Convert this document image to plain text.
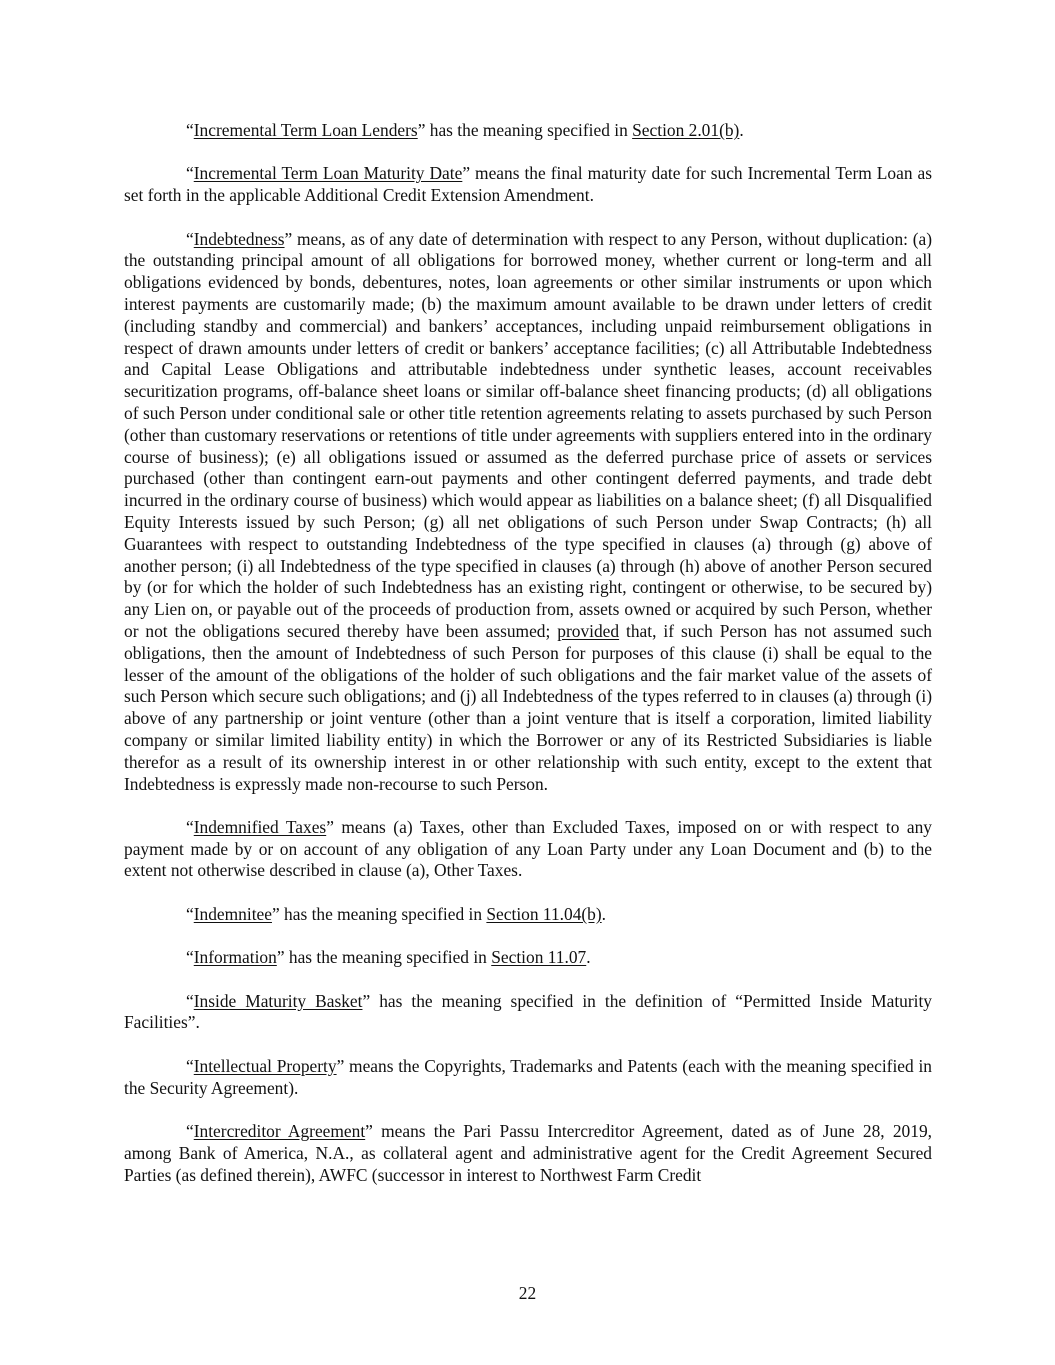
“Incremental Term Loan Lenders” has the meaning specified in Section 2.01(b).

“Incremental Term Loan Maturity Date” means the final maturity date for such Incremental Term Loan as set forth in the applicable Additional Credit Extension Amendment.

“Indebtedness” means, as of any date of determination with respect to any Person, without duplication: (a) the outstanding principal amount of all obligations for borrowed money, whether current or long-term and all obligations evidenced by bonds, debentures, notes, loan agreements or other similar instruments or upon which interest payments are customarily made; (b) the maximum amount available to be drawn under letters of credit (including standby and commercial) and bankers’ acceptances, including unpaid reimbursement obligations in respect of drawn amounts under letters of credit or bankers’ acceptance facilities; (c) all Attributable Indebtedness and Capital Lease Obligations and attributable indebtedness under synthetic leases, account receivables securitization programs, off-balance sheet loans or similar off-balance sheet financing products; (d) all obligations of such Person under conditional sale or other title retention agreements relating to assets purchased by such Person (other than customary reservations or retentions of title under agreements with suppliers entered into in the ordinary course of business); (e) all obligations issued or assumed as the deferred purchase price of assets or services purchased (other than contingent earn-out payments and other contingent deferred payments, and trade debt incurred in the ordinary course of business) which would appear as liabilities on a balance sheet; (f) all Disqualified Equity Interests issued by such Person; (g) all net obligations of such Person under Swap Contracts; (h) all Guarantees with respect to outstanding Indebtedness of the type specified in clauses (a) through (g) above of another person; (i) all Indebtedness of the type specified in clauses (a) through (h) above of another Person secured by (or for which the holder of such Indebtedness has an existing right, contingent or otherwise, to be secured by) any Lien on, or payable out of the proceeds of production from, assets owned or acquired by such Person, whether or not the obligations secured thereby have been assumed; provided that, if such Person has not assumed such obligations, then the amount of Indebtedness of such Person for purposes of this clause (i) shall be equal to the lesser of the amount of the obligations of the holder of such obligations and the fair market value of the assets of such Person which secure such obligations; and (j) all Indebtedness of the types referred to in clauses (a) through (i) above of any partnership or joint venture (other than a joint venture that is itself a corporation, limited liability company or similar limited liability entity) in which the Borrower or any of its Restricted Subsidiaries is liable therefor as a result of its ownership interest in or other relationship with such entity, except to the extent that Indebtedness is expressly made non-recourse to such Person.

“Indemnified Taxes” means (a) Taxes, other than Excluded Taxes, imposed on or with respect to any payment made by or on account of any obligation of any Loan Party under any Loan Document and (b) to the extent not otherwise described in clause (a), Other Taxes.

“Indemnitee” has the meaning specified in Section 11.04(b).

“Information” has the meaning specified in Section 11.07.

“Inside Maturity Basket” has the meaning specified in the definition of “Permitted Inside Maturity Facilities”.

“Intellectual Property” means the Copyrights, Trademarks and Patents (each with the meaning specified in the Security Agreement).

“Intercreditor Agreement” means the Pari Passu Intercreditor Agreement, dated as of June 28, 2019, among Bank of America, N.A., as collateral agent and administrative agent for the Credit Agreement Secured Parties (as defined therein), AWFC (successor in interest to Northwest Farm Credit

22
